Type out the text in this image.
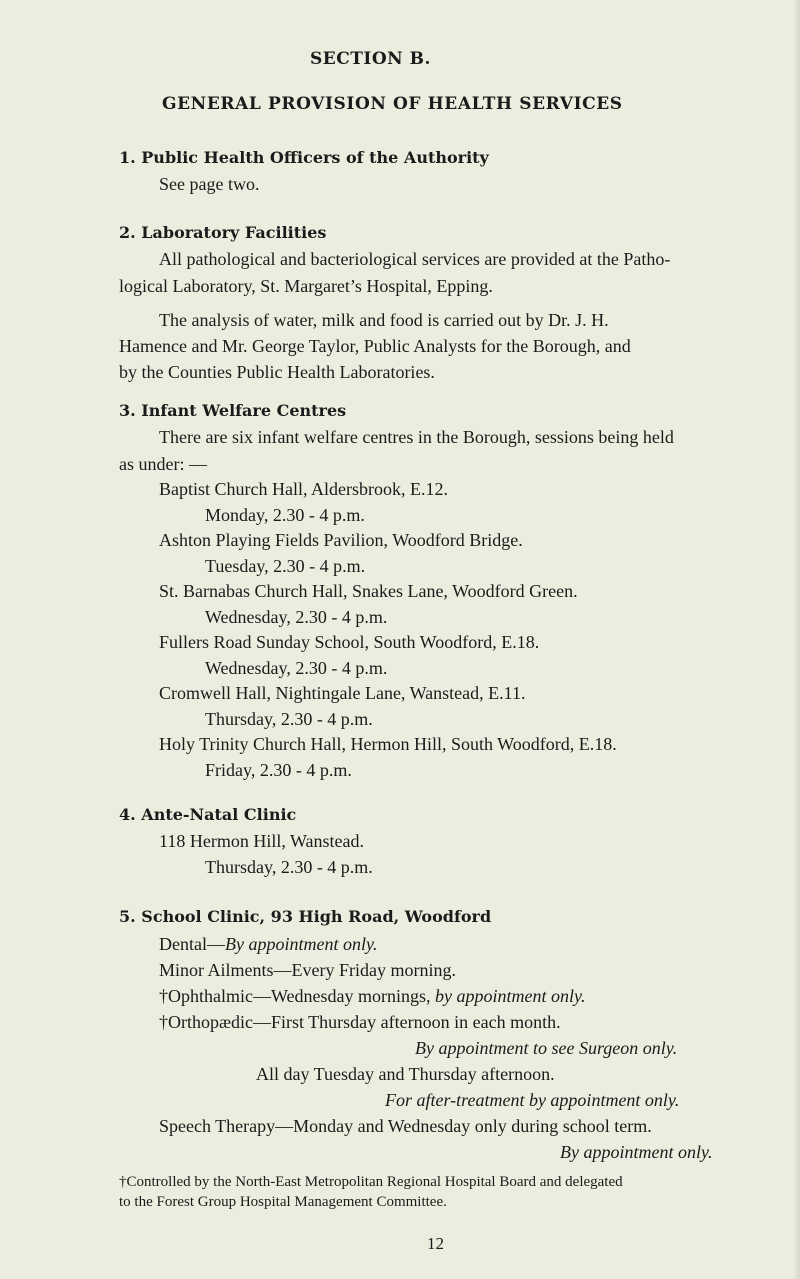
SECTION B.
GENERAL PROVISION OF HEALTH SERVICES
1. Public Health Officers of the Authority
See page two.
2. Laboratory Facilities
All pathological and bacteriological services are provided at the Patho-
logical Laboratory, St. Margaret’s Hospital, Epping.
The analysis of water, milk and food is carried out by Dr. J. H.
Hamence and Mr. George Taylor, Public Analysts for the Borough, and
by the Counties Public Health Laboratories.
3. Infant Welfare Centres
There are six infant welfare centres in the Borough, sessions being held
as under: —
Baptist Church Hall, Aldersbrook, E.12.
Monday, 2.30 - 4 p.m.
Ashton Playing Fields Pavilion, Woodford Bridge.
Tuesday, 2.30 - 4 p.m.
St. Barnabas Church Hall, Snakes Lane, Woodford Green.
Wednesday, 2.30 - 4 p.m.
Fullers Road Sunday School, South Woodford, E.18.
Wednesday, 2.30 - 4 p.m.
Cromwell Hall, Nightingale Lane, Wanstead, E.11.
Thursday, 2.30 - 4 p.m.
Holy Trinity Church Hall, Hermon Hill, South Woodford, E.18.
Friday, 2.30 - 4 p.m.
4. Ante-Natal Clinic
118 Hermon Hill, Wanstead.
Thursday, 2.30 - 4 p.m.
5. School Clinic, 93 High Road, Woodford
Dental—By appointment only.
Minor Ailments—Every Friday morning.
†Ophthalmic—Wednesday mornings, by appointment only.
†Orthopædic—First Thursday afternoon in each month.
By appointment to see Surgeon only.
All day Tuesday and Thursday afternoon.
For after-treatment by appointment only.
Speech Therapy—Monday and Wednesday only during school term.
By appointment only.
†Controlled by the North-East Metropolitan Regional Hospital Board and delegated
to the Forest Group Hospital Management Committee.
12
